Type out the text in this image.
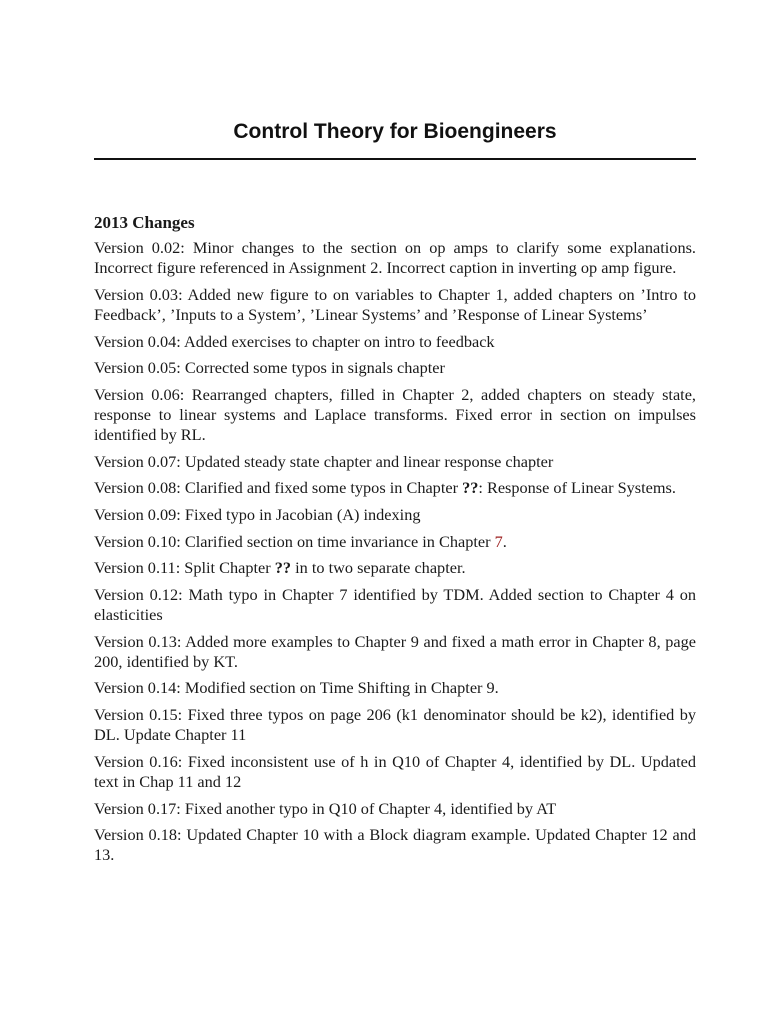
Control Theory for Bioengineers
2013 Changes

Version 0.02: Minor changes to the section on op amps to clarify some explanations. Incorrect figure referenced in Assignment 2. Incorrect caption in inverting op amp figure.

Version 0.03: Added new figure to on variables to Chapter 1, added chapters on ’Intro to Feedback’, ’Inputs to a System’, ’Linear Systems’ and ’Response of Linear Systems’

Version 0.04: Added exercises to chapter on intro to feedback

Version 0.05: Corrected some typos in signals chapter

Version 0.06: Rearranged chapters, filled in Chapter 2, added chapters on steady state, response to linear systems and Laplace transforms. Fixed error in section on impulses identified by RL.

Version 0.07: Updated steady state chapter and linear response chapter

Version 0.08: Clarified and fixed some typos in Chapter ??: Response of Linear Systems.

Version 0.09: Fixed typo in Jacobian (A) indexing

Version 0.10: Clarified section on time invariance in Chapter 7.

Version 0.11: Split Chapter ?? in to two separate chapter.

Version 0.12: Math typo in Chapter 7 identified by TDM. Added section to Chapter 4 on elasticities

Version 0.13: Added more examples to Chapter 9 and fixed a math error in Chapter 8, page 200, identified by KT.

Version 0.14: Modified section on Time Shifting in Chapter 9.

Version 0.15: Fixed three typos on page 206 (k1 denominator should be k2), identified by DL. Update Chapter 11

Version 0.16: Fixed inconsistent use of h in Q10 of Chapter 4, identified by DL. Updated text in Chap 11 and 12

Version 0.17: Fixed another typo in Q10 of Chapter 4, identified by AT

Version 0.18: Updated Chapter 10 with a Block diagram example. Updated Chapter 12 and 13.
